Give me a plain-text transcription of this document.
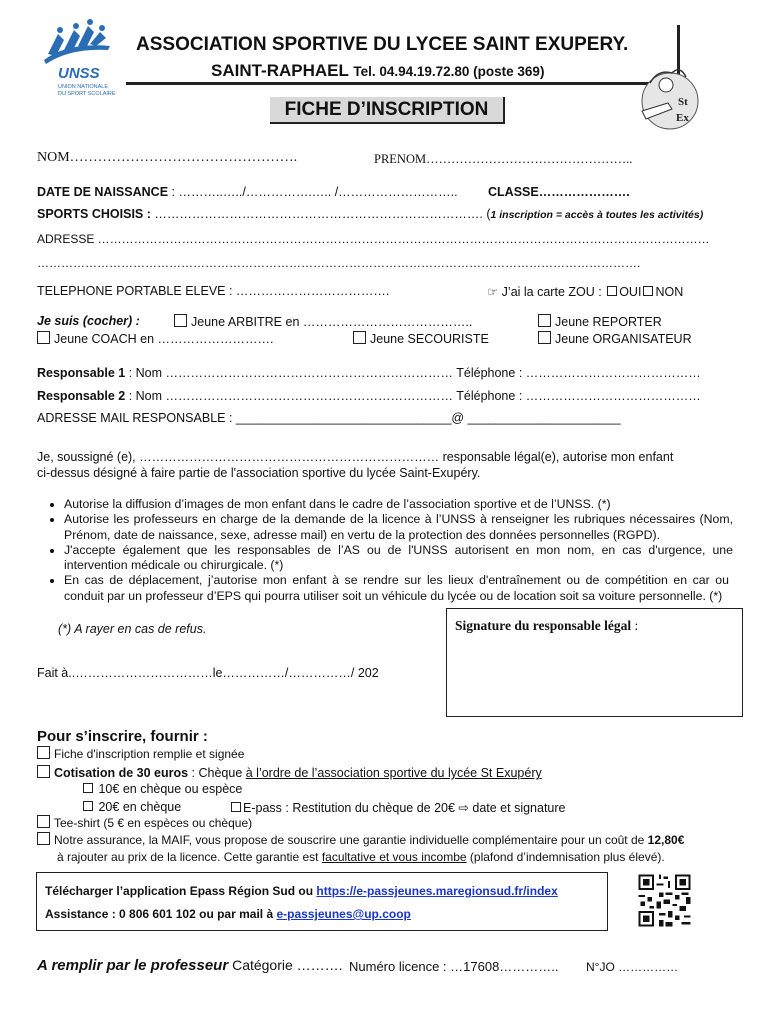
UNSS
UNION NATIONALE
DU SPORT SCOLAIRE
ASSOCIATION SPORTIVE DU LYCEE SAINT EXUPERY.
SAINT-RAPHAEL Tel. 04.94.19.72.80 (poste 369)
St
Ex
FICHE D’INSCRIPTION
NOM………………………………………….	PRENOM…………………………………………..
DATE DE NAISSANCE : ………..…../…………….….. /……………………….. CLASSE………………….
SPORTS CHOISIS : ……………………………………………………………………. (1 inscription = accès à toutes les activités)
ADRESSE ………………………………………………………………………………………………………………………………………
…………………………………………………………………………………………………………………………………….
TELEPHONE PORTABLE ELEVE : ……………………………….	☞ J’ai la carte ZOU : OUI NON
Je suis (cocher) :	Jeune ARBITRE en …………………………………..
Jeune COACH en ……………………….	Jeune SECOURISTE
Jeune REPORTER
Jeune ORGANISATEUR
Responsable 1 : Nom …………………………………………………………… Téléphone : ……………………………………
Responsable 2 : Nom …………………………………………………………… Téléphone : ……………………………………
ADRESSE MAIL RESPONSABLE : _______________________________@ ______________________
Je, soussigné (e), ……………………………………………………………… responsable légal(e), autorise mon enfant
ci-dessus désigné à faire partie de l'association sportive du lycée Saint-Exupéry.
• Autorise la diffusion d’images de mon enfant dans le cadre de l’association sportive et de l’UNSS. (*)
• Autorise les professeurs en charge de la demande de la licence à l’UNSS à renseigner les rubriques nécessaires (Nom, Prénom, date de naissance, sexe, adresse mail) en vertu de la protection des données personnelles (RGPD).
• J'accepte également que les responsables de l’AS ou de l'UNSS autorisent en mon nom, en cas d'urgence, une intervention médicale ou chirurgicale. (*)
• En cas de déplacement, j’autorise mon enfant à se rendre sur les lieux d'entraînement ou de compétition en car ou conduit par un professeur d’EPS qui pourra utiliser soit un véhicule du lycée ou de location soit sa voiture personnelle. (*)
(*) A rayer en cas de refus.	Signature du responsable légal :
Fait à..……………………………le……………/……………/ 202
Pour s’inscrire, fournir :
Fiche d'inscription remplie et signée
Cotisation de 30 euros : Chèque à l’ordre de l’association sportive du lycée St Exupéry
10€ en chèque ou espèce
20€ en chèque	E-pass : Restitution du chèque de 20€ ⇨ date et signature
Tee-shirt (5 € en espèces ou chèque)
Notre assurance, la MAIF, vous propose de souscrire une garantie individuelle complémentaire pour un coût de 12,80€
à rajouter au prix de la licence. Cette garantie est facultative et vous incombe (plafond d’indemnisation plus élevé).
Télécharger l’application Epass Région Sud ou https://e-passjeunes.maregionsud.fr/index
Assistance : 0 806 601 102 ou par mail à e-passjeunes@up.coop
A remplir par le professeur Catégorie ………. Numéro licence : …17608………….. N°JO ……………
